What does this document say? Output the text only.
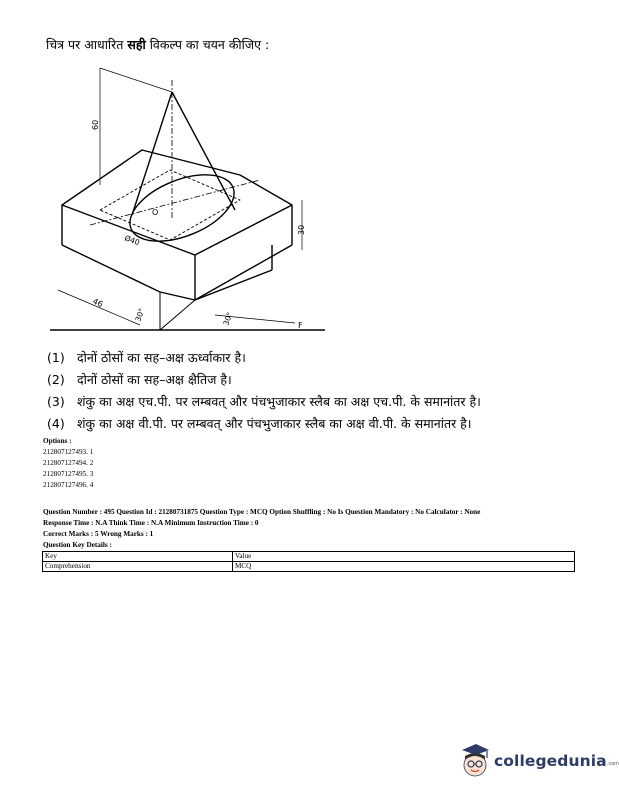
चित्र पर आधारित सही विकल्प का चयन कीजिए :
60
30
46
30°	30°
O
Ø40
F
(1) दोनों ठोसों का सह–अक्ष ऊर्ध्वाकार है।
(2) दोनों ठोसों का सह–अक्ष क्षैतिज है।
(3) शंकु का अक्ष एच.पी. पर लम्बवत् और पंचभुजाकार स्लैब का अक्ष एच.पी. के समानांतर है।
(4) शंकु का अक्ष वी.पी. पर लम्बवत् और पंचभुजाकार स्लैब का अक्ष वी.पी. के समानांतर है।
Options :
212807127493. 1
212807127494. 2
212807127495. 3
212807127496. 4
Question Number : 495 Question Id : 21280731875 Question Type : MCQ Option Shuffling : No Is Question Mandatory : No Calculator : None
Response Time : N.A Think Time : N.A Minimum Instruction Time : 0
Correct Marks : 5 Wrong Marks : 1
Question Key Details :
Key	Value
Comprehension	MCQ
collegedunia .com
